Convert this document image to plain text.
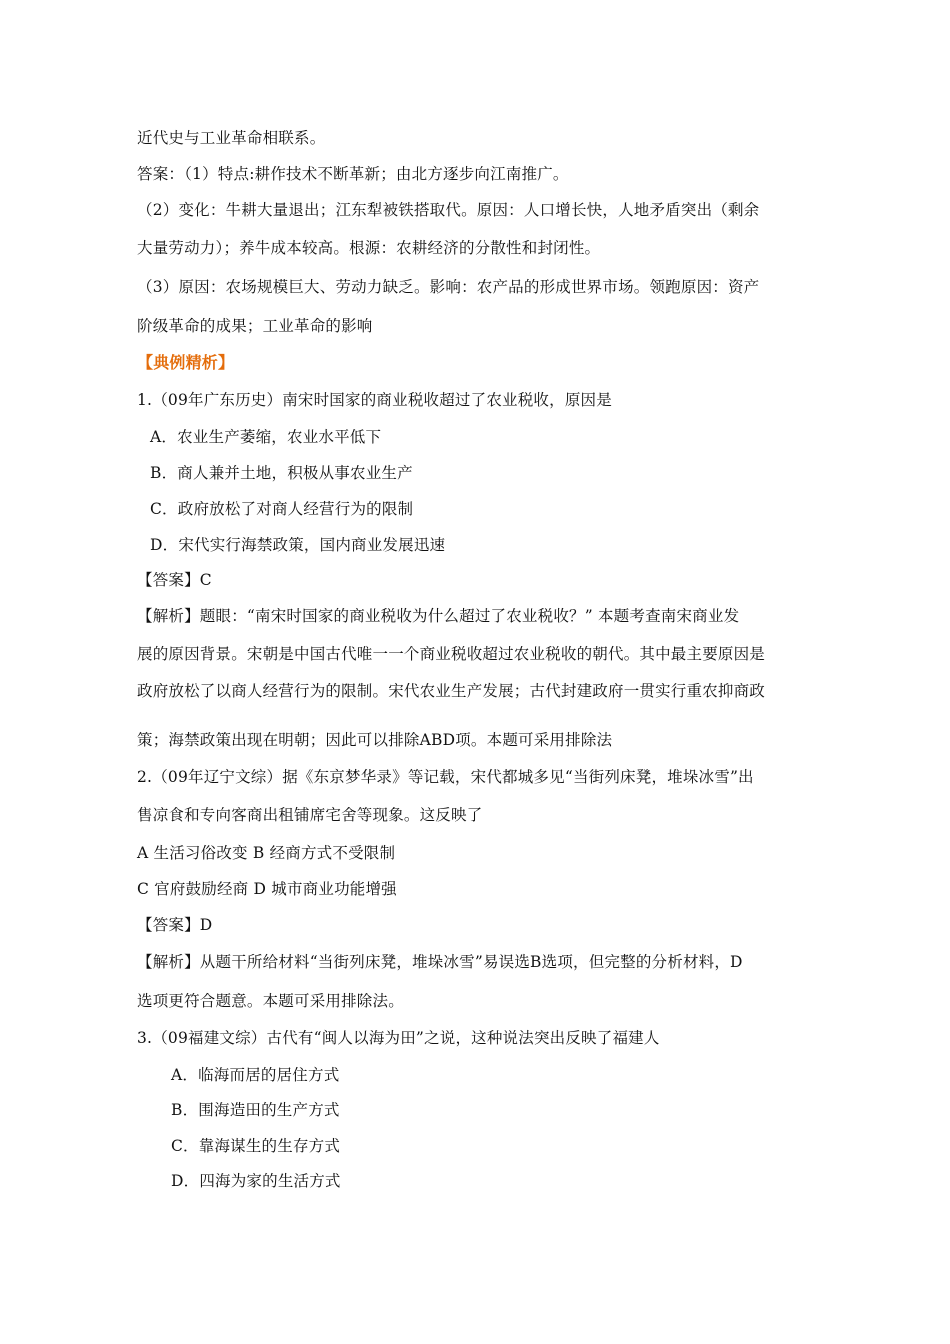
近代史与工业革命相联系。
答案：（1）特点:耕作技术不断革新；由北方逐步向江南推广。
（2）变化：牛耕大量退出；江东犁被铁搭取代。原因：人口增长快，人地矛盾突出（剩余
大量劳动力）；养牛成本较高。根源：农耕经济的分散性和封闭性。
（3）原因：农场规模巨大、劳动力缺乏。影响：农产品的形成世界市场。领跑原因：资产
阶级革命的成果；工业革命的影响
【典例精析】
1.（09年广东历史）南宋时国家的商业税收超过了农业税收，原因是
A．农业生产萎缩，农业水平低下
B．商人兼并土地，积极从事农业生产
C．政府放松了对商人经营行为的限制
D．宋代实行海禁政策，国内商业发展迅速
【答案】C
【解析】题眼：“南宋时国家的商业税收为什么超过了农业税收？” 本题考查南宋商业发
展的原因背景。宋朝是中国古代唯一一个商业税收超过农业税收的朝代。其中最主要原因是
政府放松了以商人经营行为的限制。宋代农业生产发展；古代封建政府一贯实行重农抑商政
策；海禁政策出现在明朝；因此可以排除ABD项。本题可采用排除法
2.（09年辽宁文综）据《东京梦华录》等记载，宋代都城多见“当街列床凳，堆垛冰雪”出
售凉食和专向客商出租铺席宅舍等现象。这反映了
A 生活习俗改变 B 经商方式不受限制
C 官府鼓励经商 D 城市商业功能增强
【答案】D
【解析】从题干所给材料“当街列床凳，堆垛冰雪”易误选B选项，但完整的分析材料，D
选项更符合题意。本题可采用排除法。
3.（09福建文综）古代有“闽人以海为田”之说，这种说法突出反映了福建人
A．临海而居的居住方式
B．围海造田的生产方式
C．靠海谋生的生存方式
D．四海为家的生活方式
